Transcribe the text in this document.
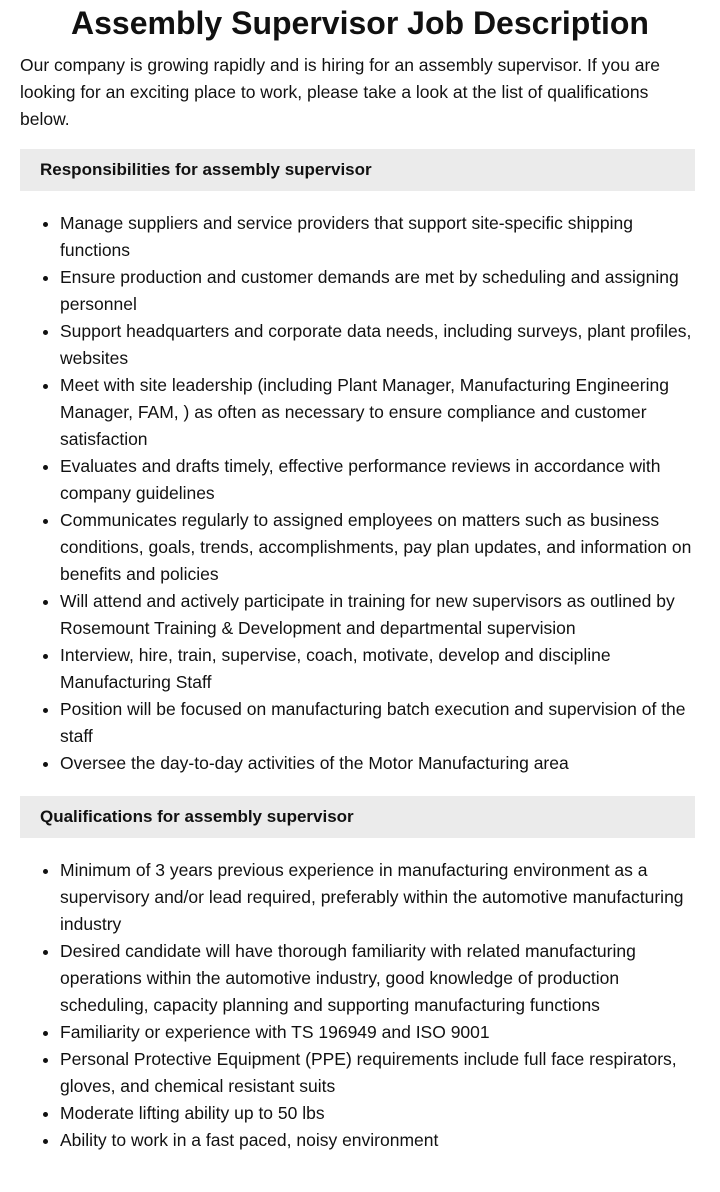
Assembly Supervisor Job Description

Our company is growing rapidly and is hiring for an assembly supervisor. If you are looking for an exciting place to work, please take a look at the list of qualifications below.

Responsibilities for assembly supervisor
• Manage suppliers and service providers that support site-specific shipping functions
• Ensure production and customer demands are met by scheduling and assigning personnel
• Support headquarters and corporate data needs, including surveys, plant profiles, websites
• Meet with site leadership (including Plant Manager, Manufacturing Engineering Manager, FAM, ) as often as necessary to ensure compliance and customer satisfaction
• Evaluates and drafts timely, effective performance reviews in accordance with company guidelines
• Communicates regularly to assigned employees on matters such as business conditions, goals, trends, accomplishments, pay plan updates, and information on benefits and policies
• Will attend and actively participate in training for new supervisors as outlined by Rosemount Training & Development and departmental supervision
• Interview, hire, train, supervise, coach, motivate, develop and discipline Manufacturing Staff
• Position will be focused on manufacturing batch execution and supervision of the staff
• Oversee the day-to-day activities of the Motor Manufacturing area
Qualifications for assembly supervisor
• Minimum of 3 years previous experience in manufacturing environment as a supervisory and/or lead required, preferably within the automotive manufacturing industry
• Desired candidate will have thorough familiarity with related manufacturing operations within the automotive industry, good knowledge of production scheduling, capacity planning and supporting manufacturing functions
• Familiarity or experience with TS 196949 and ISO 9001
• Personal Protective Equipment (PPE) requirements include full face respirators, gloves, and chemical resistant suits
• Moderate lifting ability up to 50 lbs
• Ability to work in a fast paced, noisy environment
